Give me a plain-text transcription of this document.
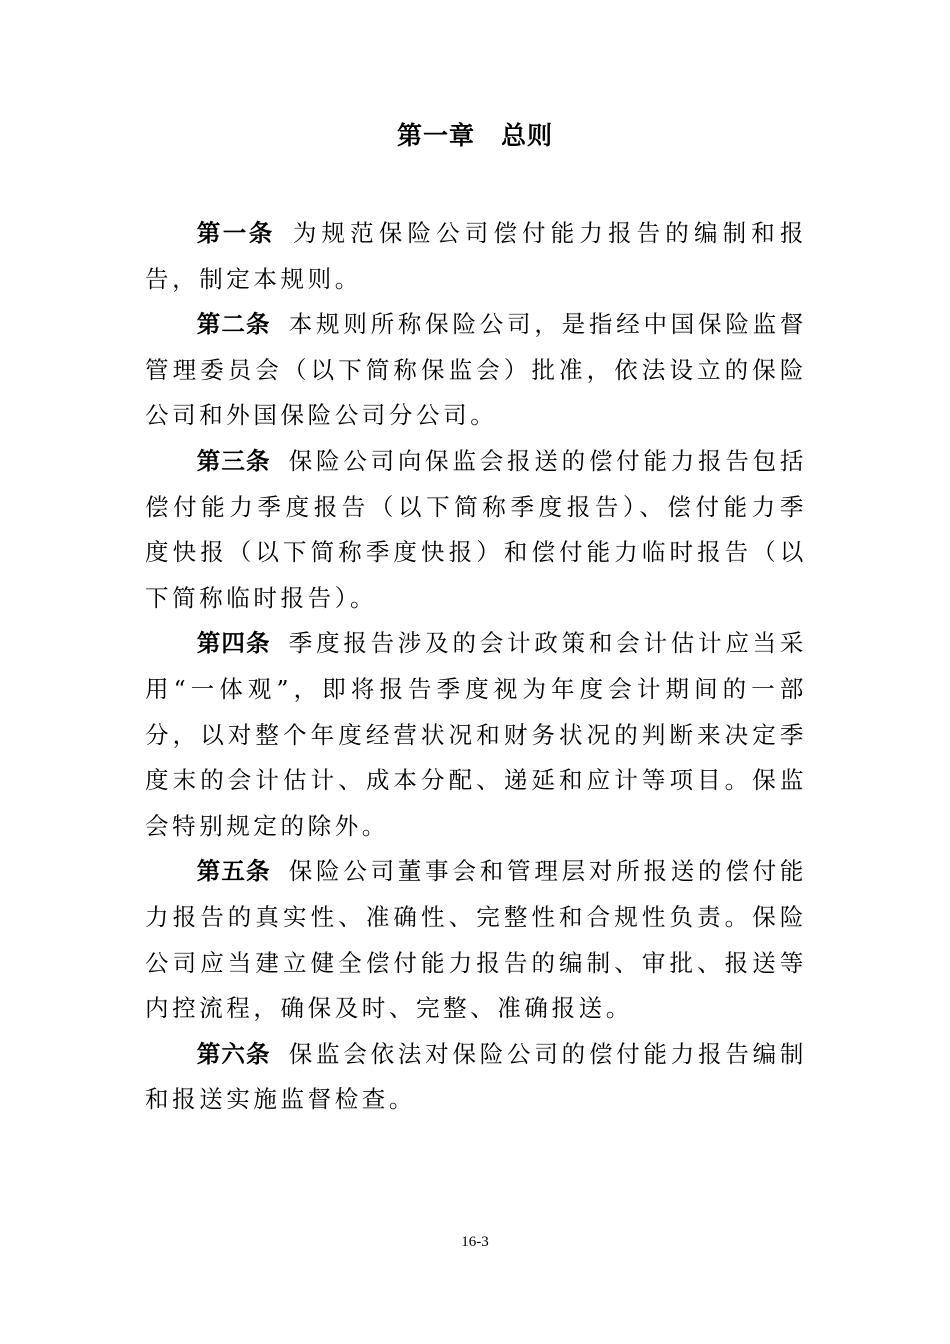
第一章　总则

第一条 为规范保险公司偿付能力报告的编制和报告，制定本规则。

第二条 本规则所称保险公司，是指经中国保险监督管理委员会（以下简称保监会）批准，依法设立的保险公司和外国保险公司分公司。

第三条 保险公司向保监会报送的偿付能力报告包括偿付能力季度报告（以下简称季度报告）、偿付能力季度快报（以下简称季度快报）和偿付能力临时报告（以下简称临时报告）。

第四条 季度报告涉及的会计政策和会计估计应当采用“一体观”，即将报告季度视为年度会计期间的一部分，以对整个年度经营状况和财务状况的判断来决定季度末的会计估计、成本分配、递延和应计等项目。保监会特别规定的除外。

第五条 保险公司董事会和管理层对所报送的偿付能力报告的真实性、准确性、完整性和合规性负责。保险公司应当建立健全偿付能力报告的编制、审批、报送等内控流程，确保及时、完整、准确报送。

第六条 保监会依法对保险公司的偿付能力报告编制和报送实施监督检查。

16-3
